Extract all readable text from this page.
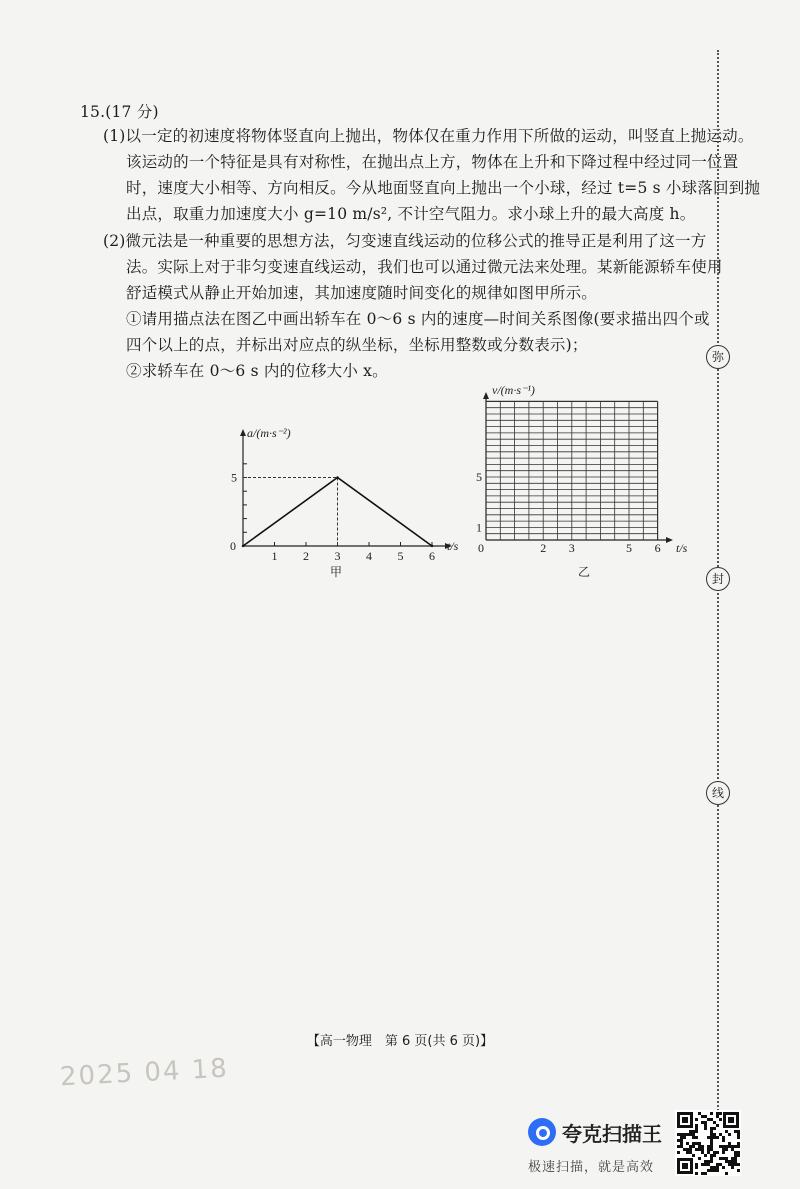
15.(17 分)
(1)以一定的初速度将物体竖直向上抛出，物体仅在重力作用下所做的运动，叫竖直上抛运动。
该运动的一个特征是具有对称性，在抛出点上方，物体在上升和下降过程中经过同一位置
时，速度大小相等、方向相反。今从地面竖直向上抛出一个小球，经过 t=5 s 小球落回到抛
出点，取重力加速度大小 g=10 m/s², 不计空气阻力。求小球上升的最大高度 h。
(2)微元法是一种重要的思想方法，匀变速直线运动的位移公式的推导正是利用了这一方
法。实际上对于非匀变速直线运动，我们也可以通过微元法来处理。某新能源轿车使用
舒适模式从静止开始加速，其加速度随时间变化的规律如图甲所示。
①请用描点法在图乙中画出轿车在 0～6 s 内的速度—时间关系图像(要求描出四个或
四个以上的点，并标出对应点的纵坐标，坐标用整数或分数表示)；
②求轿车在 0～6 s 内的位移大小 x。
a/(m·s⁻²)
t/s
0
甲
1 2 3 4 5 6
5
v/(m·s⁻¹)
t/s
0
乙
2 3	5 6
1
5
弥
封
线
【高一物理　第 6 页(共 6 页)】
2025 04 18
夸克扫描王
极速扫描，就是高效
